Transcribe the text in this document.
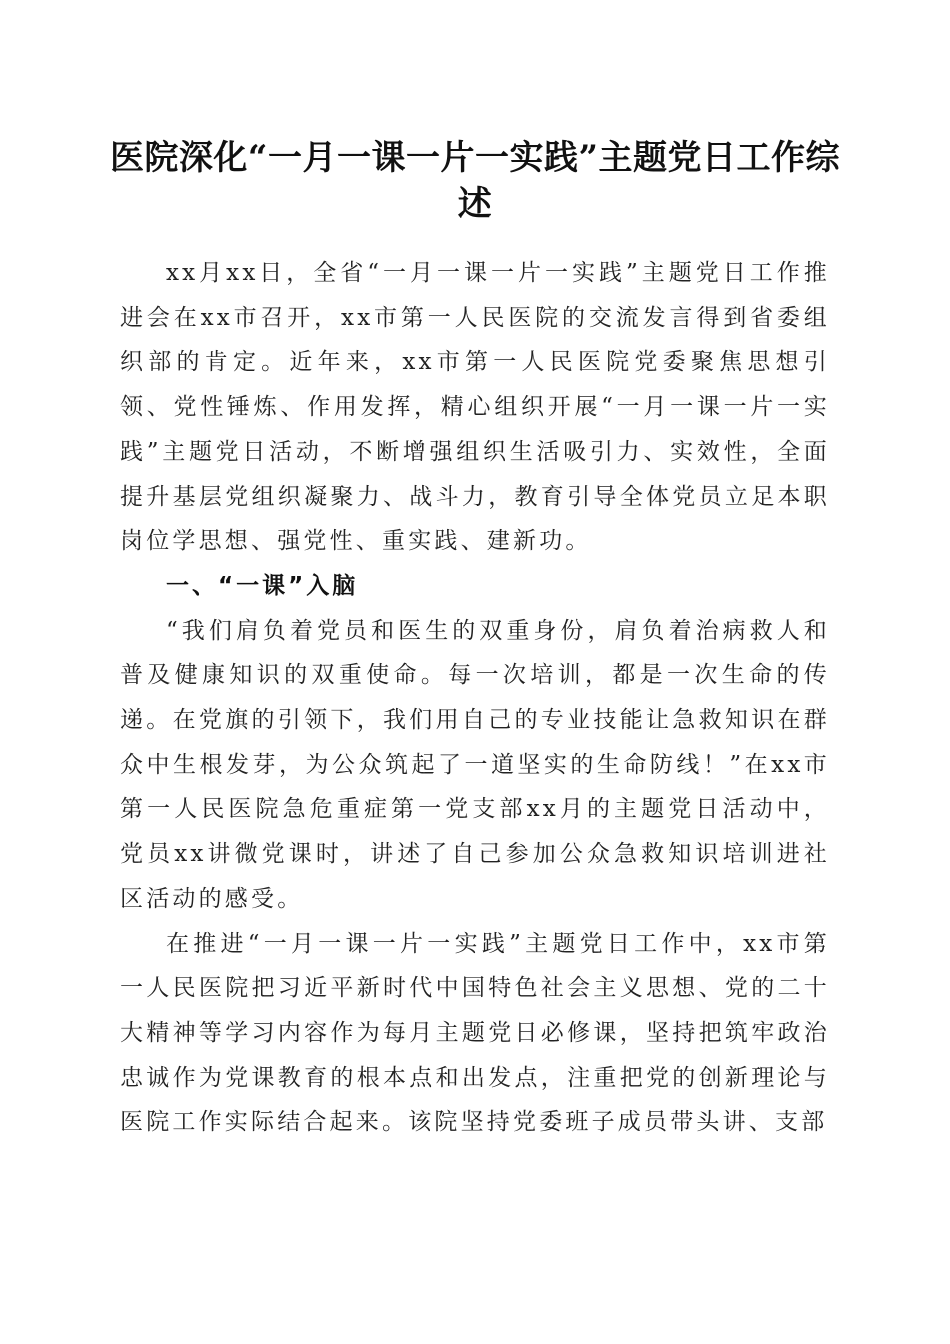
医院深化“一月一课一片一实践”主题党日工作综述

xx月xx日，全省“一月一课一片一实践”主题党日工作推进会在xx市召开，xx市第一人民医院的交流发言得到省委组织部的肯定。近年来，xx市第一人民医院党委聚焦思想引领、党性锤炼、作用发挥，精心组织开展“一月一课一片一实践”主题党日活动，不断增强组织生活吸引力、实效性，全面提升基层党组织凝聚力、战斗力，教育引导全体党员立足本职岗位学思想、强党性、重实践、建新功。

一、“一课”入脑

“我们肩负着党员和医生的双重身份，肩负着治病救人和普及健康知识的双重使命。每一次培训，都是一次生命的传递。在党旗的引领下，我们用自己的专业技能让急救知识在群众中生根发芽，为公众筑起了一道坚实的生命防线！”在xx市第一人民医院急危重症第一党支部xx月的主题党日活动中，党员xx讲微党课时，讲述了自己参加公众急救知识培训进社区活动的感受。

在推进“一月一课一片一实践”主题党日工作中，xx市第一人民医院把习近平新时代中国特色社会主义思想、党的二十大精神等学习内容作为每月主题党日必修课，坚持把筑牢政治忠诚作为党课教育的根本点和出发点，注重把党的创新理论与医院工作实际结合起来。该院坚持党委班子成员带头讲、支部
